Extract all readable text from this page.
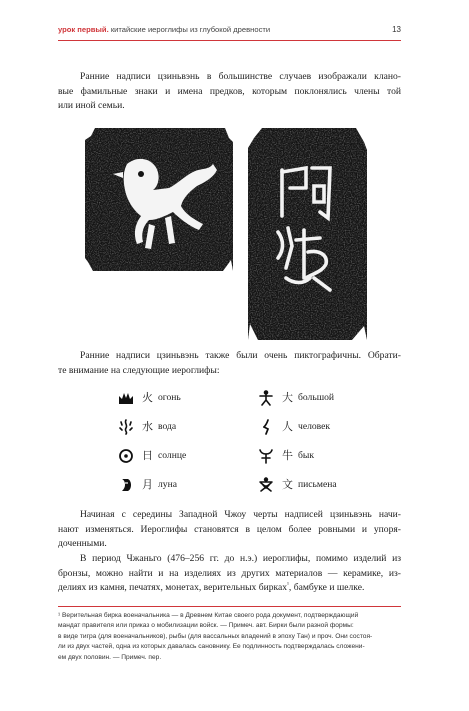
урок первый. китайские иероглифы из глубокой древности	13

Ранние надписи цзиньвэнь в большинстве случаев изображали клано-
вые фамильные знаки и имена предков, которым поклонялись члены той
или иной семьи.

Ранние надписи цзиньвэнь также были очень пиктографичны. Обрати-
те внимание на следующие иероглифы:

火 огонь
水 вода
日 солнце
月 луна
大 большой
人 человек
牛 бык
文 письмена

Начиная с середины Западной Чжоу черты надписей цзиньвэнь начи-
нают изменяться. Иероглифы становятся в целом более ровными и упоря-
доченными.

В период Чжаньго (476–256 гг. до н.э.) иероглифы, помимо изделий из
бронзы, можно найти и на изделиях из других материалов — керамике, из-
делиях из камня, печатях, монетах, верительных бирках$^{^1}$, бамбуке и шелке.

¹ Верительная бирка военачальника — в Древнем Китае своего рода документ, подтверждающий
мандат правителя или приказ о мобилизации войск. — Примеч. авт. Бирки были разной формы:
в виде тигра (для военачальников), рыбы (для вассальных владений в эпоху Тан) и проч. Они состоя-
ли из двух частей, одна из которых давалась сановнику. Ее подлинность подтверждалась сложени-
ем двух половин. — Примеч. пер.
